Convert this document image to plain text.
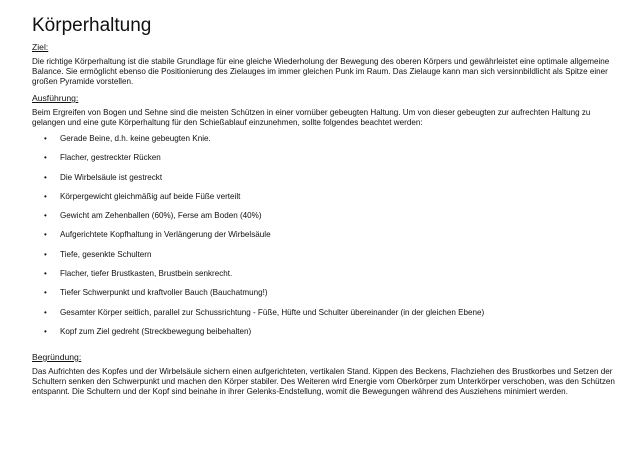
Körperhaltung
Ziel:

Die richtige Körperhaltung ist die stabile Grundlage für eine gleiche Wiederholung der Bewegung des oberen Körpers und gewährleistet eine optimale allgemeine Balance. Sie ermöglicht ebenso die Positionierung des Zielauges im immer gleichen Punk im Raum. Das Zielauge kann man sich versinnbildlicht als Spitze einer großen Pyramide vorstellen.

Ausführung:

Beim Ergreifen von Bogen und Sehne sind die meisten Schützen in einer vornüber gebeugten Haltung. Um von dieser gebeugten zur aufrechten Haltung zu gelangen und eine gute Körperhaltung für den Schießablauf einzunehmen, sollte folgendes beachtet werden:

• Gerade Beine, d.h. keine gebeugten Knie.
• Flacher, gestreckter Rücken
• Die Wirbelsäule ist gestreckt
• Körpergewicht gleichmäßig auf beide Füße verteilt
• Gewicht am Zehenballen (60%), Ferse am Boden (40%)
• Aufgerichtete Kopfhaltung in Verlängerung der Wirbelsäule
• Tiefe, gesenkte Schultern
• Flacher, tiefer Brustkasten, Brustbein senkrecht.
• Tiefer Schwerpunkt und kraftvoller Bauch (Bauchatmung!)
• Gesamter Körper seitlich, parallel zur Schussrichtung - Füße, Hüfte und Schulter übereinander (in der gleichen Ebene)
• Kopf zum Ziel gedreht (Streckbewegung beibehalten)
Begründung:

Das Aufrichten des Kopfes und der Wirbelsäule sichern einen aufgerichteten, vertikalen Stand. Kippen des Beckens, Flachziehen des Brustkorbes und Setzen der Schultern senken den Schwerpunkt und machen den Körper stabiler. Des Weiteren wird Energie vom Oberkörper zum Unterkörper verschoben, was den Schützen entspannt. Die Schultern und der Kopf sind beinahe in ihrer Gelenks-Endstellung, womit die Bewegungen während des Ausziehens minimiert werden.
